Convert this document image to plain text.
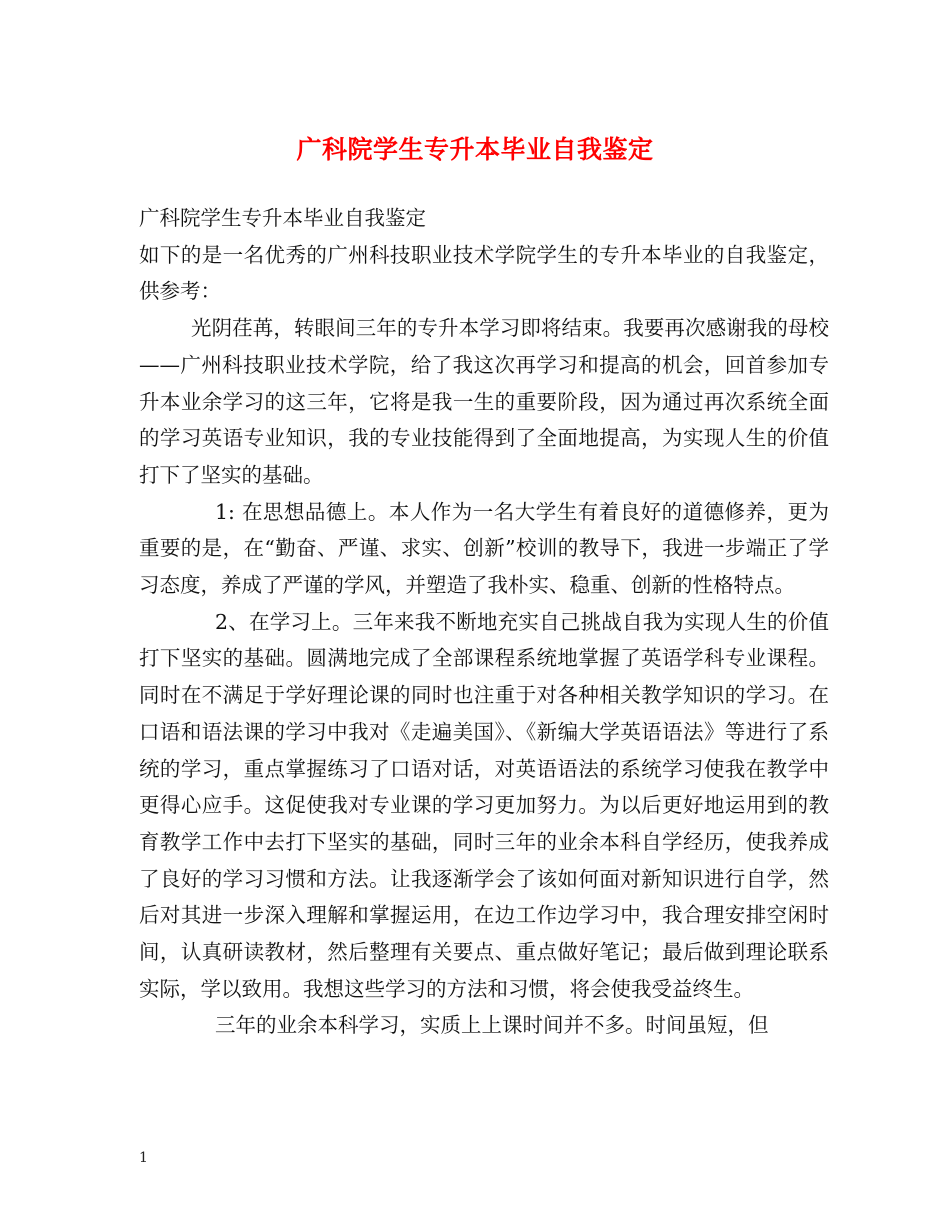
广科院学生专升本毕业自我鉴定

广科院学生专升本毕业自我鉴定

如下的是一名优秀的广州科技职业技术学院学生的专升本毕业的自我鉴定，供参考：

光阴荏苒，转眼间三年的专升本学习即将结束。我要再次感谢我的母校——广州科技职业技术学院，给了我这次再学习和提高的机会，回首参加专升本业余学习的这三年，它将是我一生的重要阶段，因为通过再次系统全面的学习英语专业知识，我的专业技能得到了全面地提高，为实现人生的价值打下了坚实的基础。

1: 在思想品德上。本人作为一名大学生有着良好的道德修养，更为重要的是，在“勤奋、严谨、求实、创新”校训的教导下，我进一步端正了学习态度，养成了严谨的学风，并塑造了我朴实、稳重、创新的性格特点。

2、在学习上。三年来我不断地充实自己挑战自我为实现人生的价值打下坚实的基础。圆满地完成了全部课程系统地掌握了英语学科专业课程。同时在不满足于学好理论课的同时也注重于对各种相关教学知识的学习。在口语和语法课的学习中我对《走遍美国》、《新编大学英语语法》等进行了系统的学习，重点掌握练习了口语对话，对英语语法的系统学习使我在教学中更得心应手。这促使我对专业课的学习更加努力。为以后更好地运用到的教育教学工作中去打下坚实的基础，同时三年的业余本科自学经历，使我养成了良好的学习习惯和方法。让我逐渐学会了该如何面对新知识进行自学，然后对其进一步深入理解和掌握运用，在边工作边学习中，我合理安排空闲时间，认真研读教材，然后整理有关要点、重点做好笔记；最后做到理论联系实际，学以致用。我想这些学习的方法和习惯，将会使我受益终生。

三年的业余本科学习，实质上上课时间并不多。时间虽短，但

1
